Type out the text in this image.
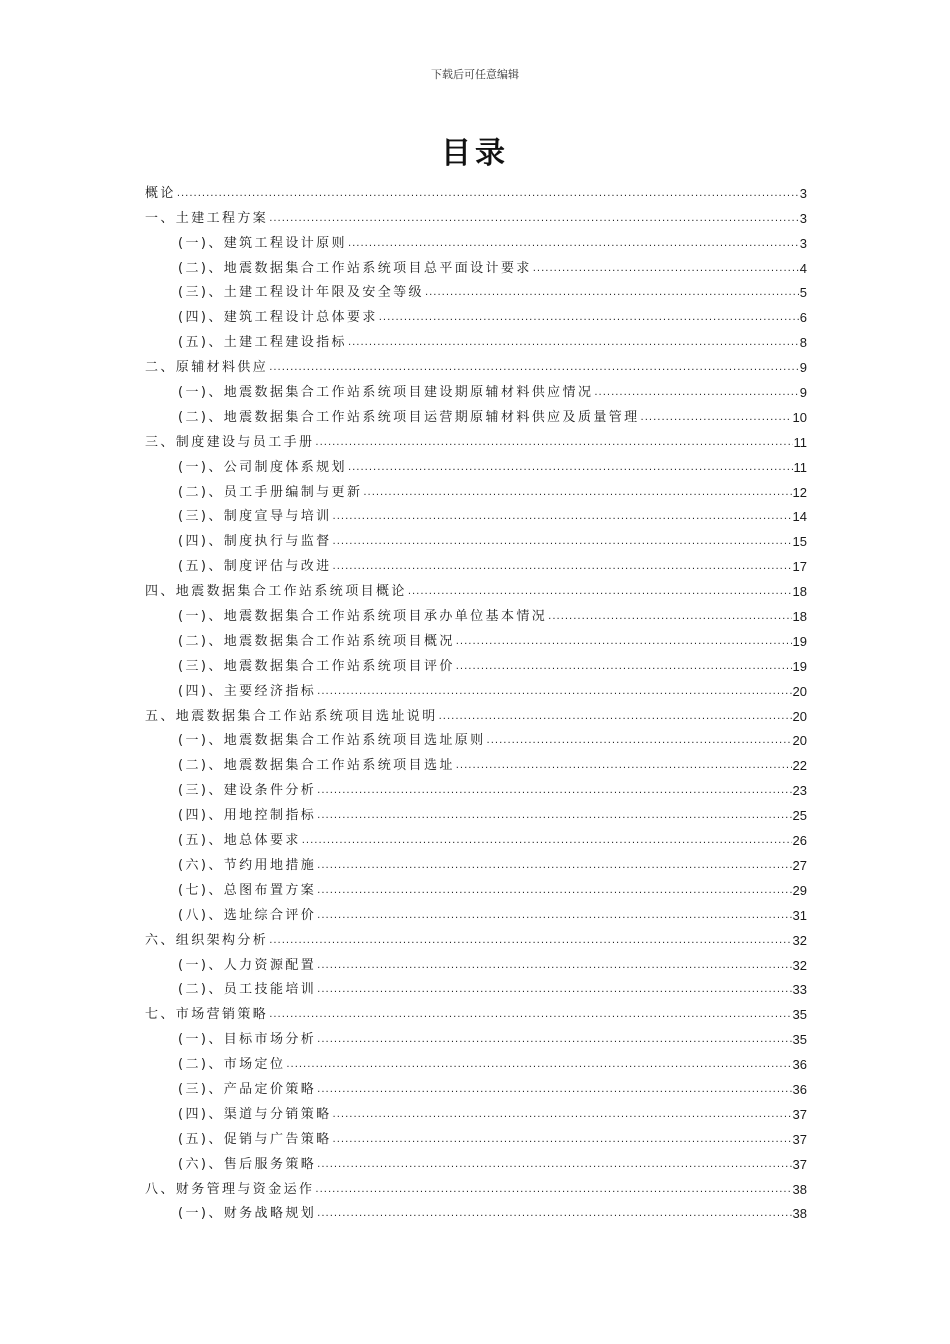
下载后可任意编辑
目录
概论 .....	3
一、土建工程方案 .....	3
(一)、建筑工程设计原则 .....	3
(二)、地震数据集合工作站系统项目总平面设计要求 .....	4
(三)、土建工程设计年限及安全等级 .....	5
(四)、建筑工程设计总体要求 .....	6
(五)、土建工程建设指标 .....	8
二、原辅材料供应 .....	9
(一)、地震数据集合工作站系统项目建设期原辅材料供应情况 .....	9
(二)、地震数据集合工作站系统项目运营期原辅材料供应及质量管理 .....	10
三、制度建设与员工手册 .....	11
(一)、公司制度体系规划 .....	11
(二)、员工手册编制与更新 .....	12
(三)、制度宣导与培训 .....	14
(四)、制度执行与监督 .....	15
(五)、制度评估与改进 .....	17
四、地震数据集合工作站系统项目概论 .....	18
(一)、地震数据集合工作站系统项目承办单位基本情况 .....	18
(二)、地震数据集合工作站系统项目概况 .....	19
(三)、地震数据集合工作站系统项目评价 .....	19
(四)、主要经济指标 .....	20
五、地震数据集合工作站系统项目选址说明 .....	20
(一)、地震数据集合工作站系统项目选址原则 .....	20
(二)、地震数据集合工作站系统项目选址 .....	22
(三)、建设条件分析 .....	23
(四)、用地控制指标 .....	25
(五)、地总体要求 .....	26
(六)、节约用地措施 .....	27
(七)、总图布置方案 .....	29
(八)、选址综合评价 .....	31
六、组织架构分析 .....	32
(一)、人力资源配置 .....	32
(二)、员工技能培训 .....	33
七、市场营销策略 .....	35
(一)、目标市场分析 .....	35
(二)、市场定位 .....	36
(三)、产品定价策略 .....	36
(四)、渠道与分销策略 .....	37
(五)、促销与广告策略 .....	37
(六)、售后服务策略 .....	37
八、财务管理与资金运作 .....	38
(一)、财务战略规划 .....	38
